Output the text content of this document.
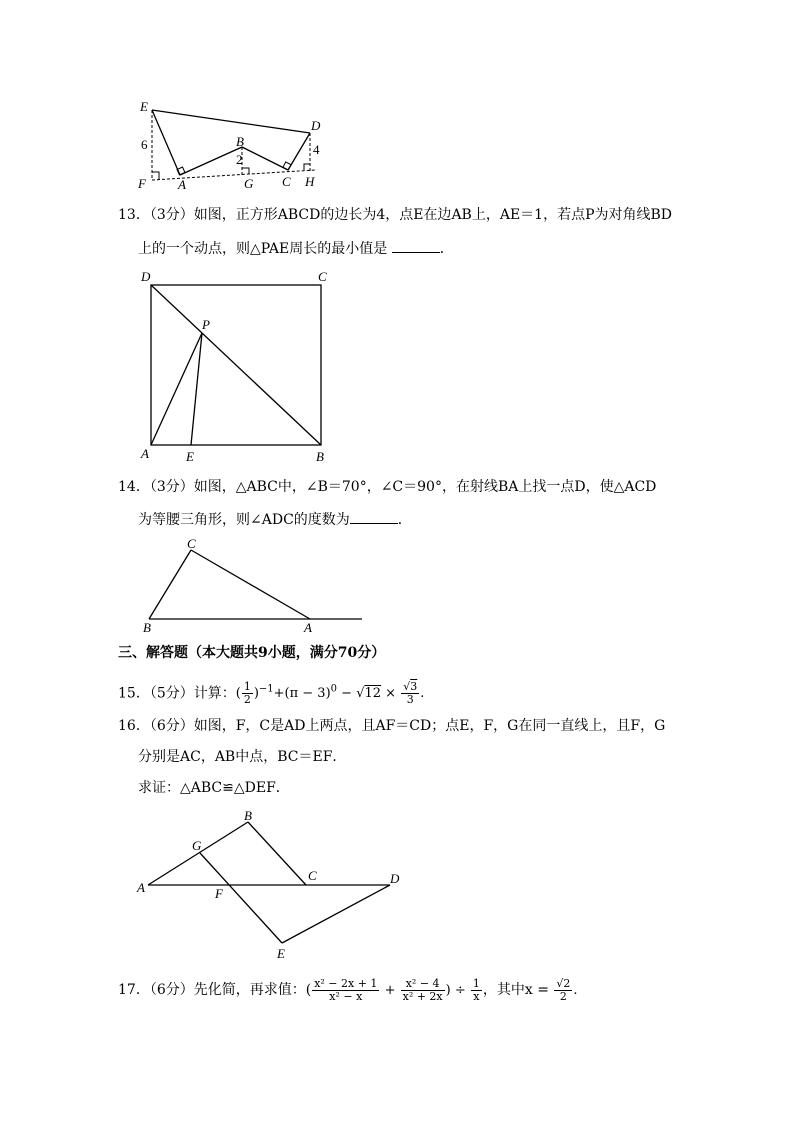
E
D
B
6
2
4
F A	G C H
13．（3分）如图，正方形ABCD的边长为4，点E在边AB上，AE＝1，若点P为对角线BD
上的一个动点，则△PAE周长的最小值是	．
D	C
P
A	E	B
14．（3分）如图，△ABC中，∠B＝70°，∠C＝90°，在射线BA上找一点D，使△ACD
为等腰三角形，则∠ADC的度数为	．
C
B	A
三、解答题（本大题共9小题，满分70分）
15．（5分）计算：( $\frac{1}{2} )^{-1}+(\pi - 3)^0 - √12 \times \frac{√3}{3}$ .
16．（6分）如图，F，C是AD上两点，且AF＝CD；点E，F，G在同一直线上，且F，G
分别是AC，AB中点，BC＝EF．
求证：△ABC≌△DEF．
B
G
C	D
A	F
E
17．（6分）先化简，再求值：( $\frac{\text{x² − 2x + 1}}{\text{x² − x}} + \frac{\text{x² − 4}}{\text{x² + 2x}}$ ) ÷ $\frac{1}{x}$ ，其中$x = \frac{√2}{2}$ .
